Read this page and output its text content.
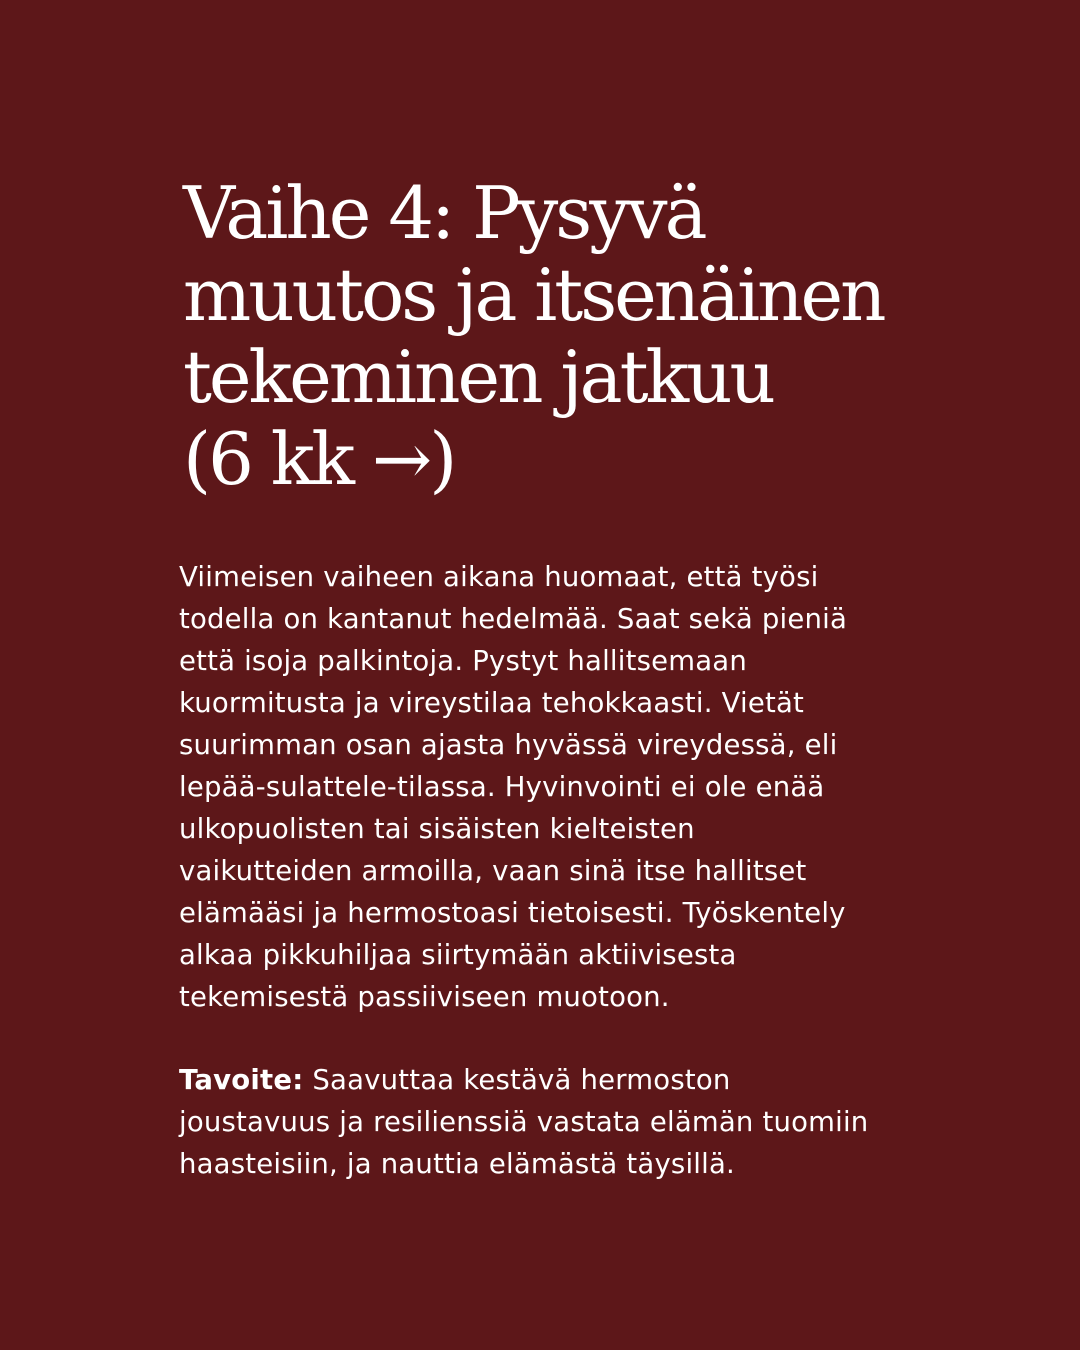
Vaihe 4: Pysyvä
muutos ja itsenäinen
tekeminen jatkuu
(6 kk →)

Viimeisen vaiheen aikana huomaat, että työsi
todella on kantanut hedelmää. Saat sekä pieniä
että isoja palkintoja. Pystyt hallitsemaan
kuormitusta ja vireystilaa tehokkaasti. Vietät
suurimman osan ajasta hyvässä vireydessä, eli
lepää-sulattele-tilassa. Hyvinvointi ei ole enää
ulkopuolisten tai sisäisten kielteisten
vaikutteiden armoilla, vaan sinä itse hallitset
elämääsi ja hermostoasi tietoisesti. Työskentely
alkaa pikkuhiljaa siirtymään aktiivisesta
tekemisestä passiiviseen muotoon.

Tavoite: Saavuttaa kestävä hermoston
joustavuus ja resilienssiä vastata elämän tuomiin
haasteisiin, ja nauttia elämästä täysillä.
